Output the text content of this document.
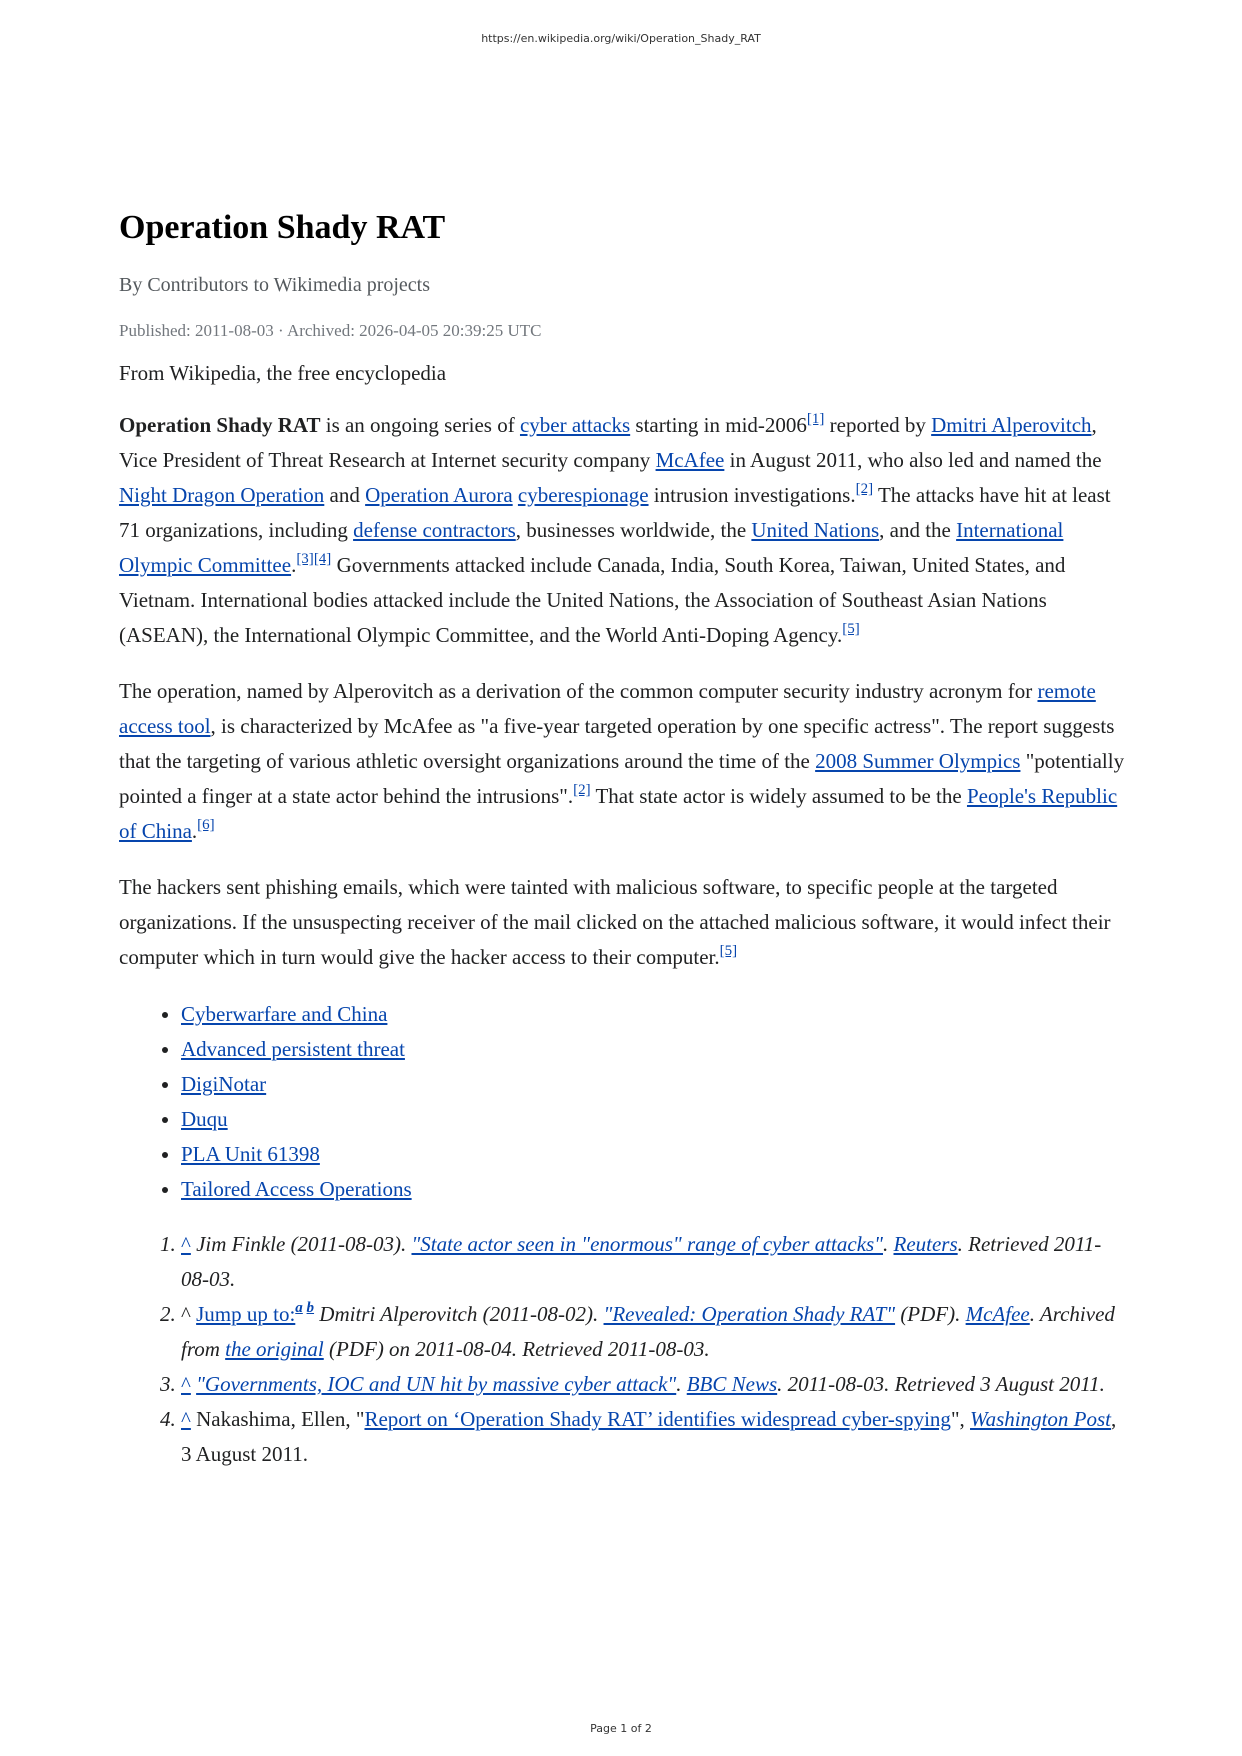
https://en.wikipedia.org/wiki/Operation_Shady_RAT
Operation Shady RAT
By Contributors to Wikimedia projects
Published: 2011-08-03 · Archived: 2026-04-05 20:39:25 UTC
From Wikipedia, the free encyclopedia

Operation Shady RAT is an ongoing series of cyber attacks starting in mid-2006[1] reported by Dmitri Alperovitch, Vice President of Threat Research at Internet security company McAfee in August 2011, who also led and named the Night Dragon Operation and Operation Aurora cyberespionage intrusion investigations.[2] The attacks have hit at least 71 organizations, including defense contractors, businesses worldwide, the United Nations, and the International Olympic Committee.[3][4] Governments attacked include Canada, India, South Korea, Taiwan, United States, and Vietnam. International bodies attacked include the United Nations, the Association of Southeast Asian Nations (ASEAN), the International Olympic Committee, and the World Anti-Doping Agency.[5]

The operation, named by Alperovitch as a derivation of the common computer security industry acronym for remote access tool, is characterized by McAfee as "a five-year targeted operation by one specific actress". The report suggests that the targeting of various athletic oversight organizations around the time of the 2008 Summer Olympics "potentially pointed a finger at a state actor behind the intrusions".[2] That state actor is widely assumed to be the People's Republic of China.[6]

The hackers sent phishing emails, which were tainted with malicious software, to specific people at the targeted organizations. If the unsuspecting receiver of the mail clicked on the attached malicious software, it would infect their computer which in turn would give the hacker access to their computer.[5]

• Cyberwarfare and China
• Advanced persistent threat
• DigiNotar
• Duqu
• PLA Unit 61398
• Tailored Access Operations
1. ^ Jim Finkle (2011-08-03). "State actor seen in "enormous" range of cyber attacks". Reuters. Retrieved 2011-08-03.
2. ^ Jump up to:$^{a b}$ Dmitri Alperovitch (2011-08-02). "Revealed: Operation Shady RAT" (PDF). McAfee. Archived from the original (PDF) on 2011-08-04. Retrieved 2011-08-03.
3. ^ "Governments, IOC and UN hit by massive cyber attack". BBC News. 2011-08-03. Retrieved 3 August 2011.
4. ^ Nakashima, Ellen, "Report on ‘Operation Shady RAT’ identifies widespread cyber-spying", Washington Post, 3 August 2011.
Page 1 of 2
